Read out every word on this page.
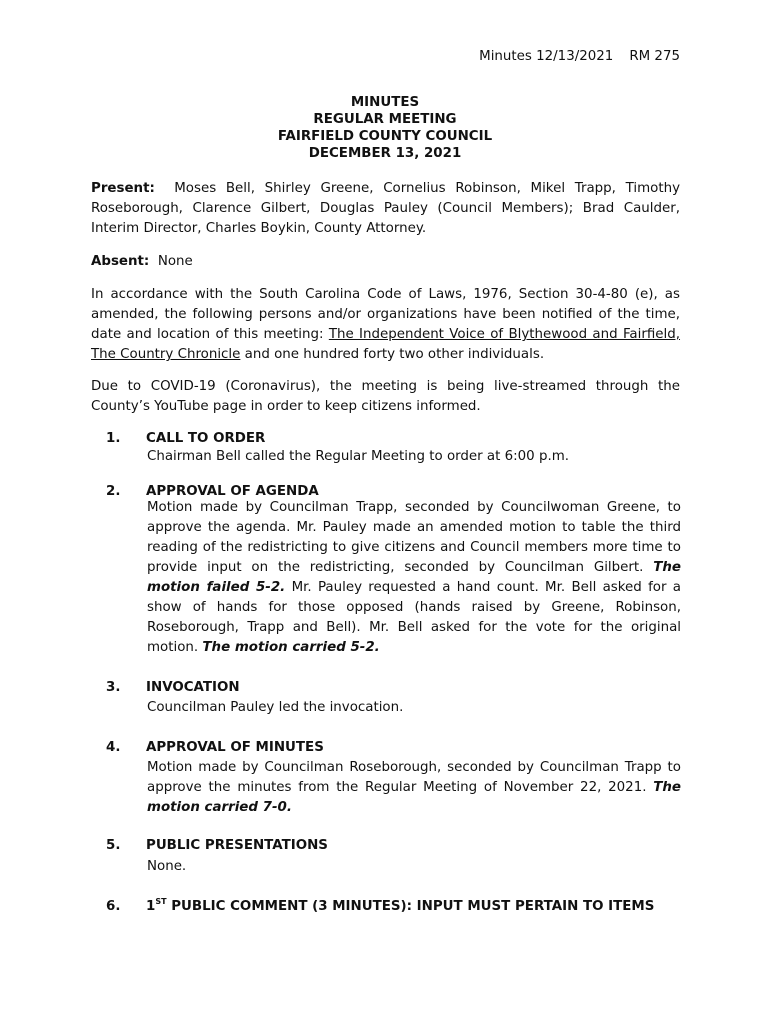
Minutes 12/13/2021 RM 275
MINUTES
REGULAR MEETING
FAIRFIELD COUNTY COUNCIL
DECEMBER 13, 2021
Present: Moses Bell, Shirley Greene, Cornelius Robinson, Mikel Trapp, Timothy Roseborough, Clarence Gilbert, Douglas Pauley (Council Members); Brad Caulder, Interim Director, Charles Boykin, County Attorney.
Absent: None
In accordance with the South Carolina Code of Laws, 1976, Section 30-4-80 (e), as amended, the following persons and/or organizations have been notified of the time, date and location of this meeting: The Independent Voice of Blythewood and Fairfield, The Country Chronicle and one hundred forty two other individuals.
Due to COVID-19 (Coronavirus), the meeting is being live-streamed through the County’s YouTube page in order to keep citizens informed.
1. CALL TO ORDER
Chairman Bell called the Regular Meeting to order at 6:00 p.m.
2. APPROVAL OF AGENDA
Motion made by Councilman Trapp, seconded by Councilwoman Greene, to approve the agenda. Mr. Pauley made an amended motion to table the third reading of the redistricting to give citizens and Council members more time to provide input on the redistricting, seconded by Councilman Gilbert. The motion failed 5-2. Mr. Pauley requested a hand count. Mr. Bell asked for a show of hands for those opposed (hands raised by Greene, Robinson, Roseborough, Trapp and Bell). Mr. Bell asked for the vote for the original motion. The motion carried 5-2.
3. INVOCATION
Councilman Pauley led the invocation.
4. APPROVAL OF MINUTES
Motion made by Councilman Roseborough, seconded by Councilman Trapp to approve the minutes from the Regular Meeting of November 22, 2021. The motion carried 7-0.
5. PUBLIC PRESENTATIONS
None.
6. 1ST PUBLIC COMMENT (3 MINUTES): INPUT MUST PERTAIN TO ITEMS
